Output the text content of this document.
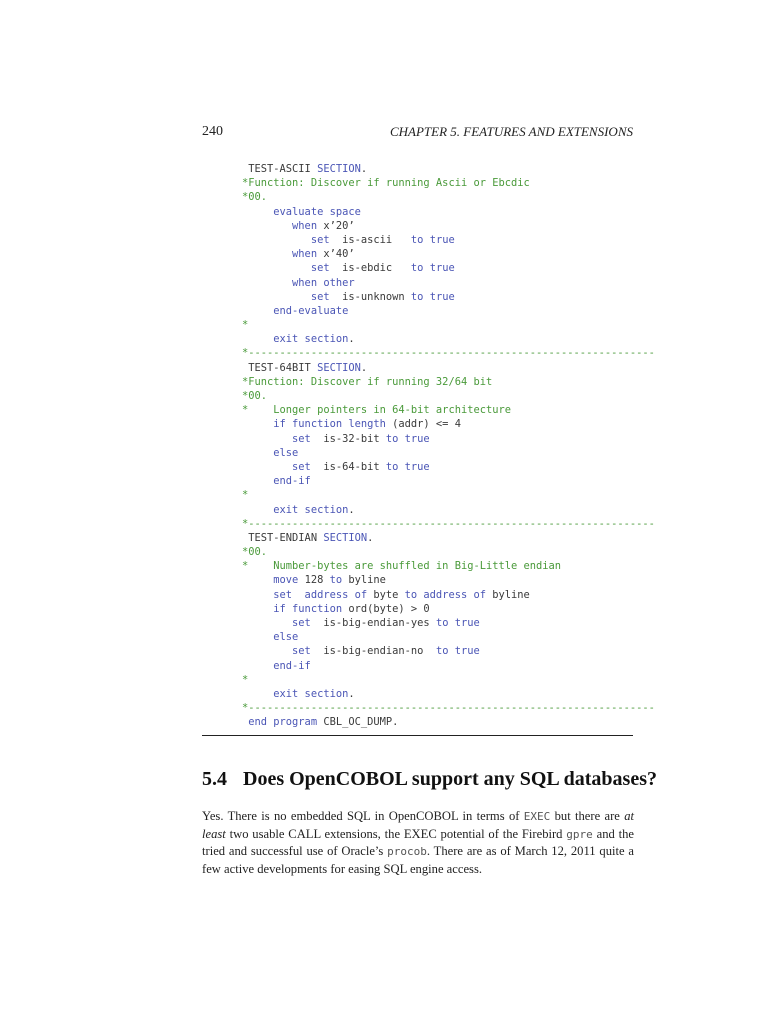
240	CHAPTER 5. FEATURES AND EXTENSIONS
TEST-ASCII SECTION.
*Function: Discover if running Ascii or Ebcdic
*00.
evaluate space
when x’20’
set  is-ascii   to true
when x’40’
set  is-ebdic   to true
when other
set  is-unknown to true
end-evaluate
*
exit section.
*-----------------------------------------------------------------
TEST-64BIT SECTION.
*Function: Discover if running 32/64 bit
*00.
*    Longer pointers in 64-bit architecture
if function length (addr) <= 4
set  is-32-bit to true
else
set  is-64-bit to true
end-if
*
exit section.
*-----------------------------------------------------------------
TEST-ENDIAN SECTION.
*00.
*    Number-bytes are shuffled in Big-Little endian
move 128 to byline
set  address of byte to address of byline
if function ord(byte) > 0
set  is-big-endian-yes to true
else
set  is-big-endian-no  to true
end-if
*
exit section.
*-----------------------------------------------------------------
end program CBL_OC_DUMP.
5.4 Does OpenCOBOL support any SQL databases?
Yes. There is no embedded SQL in OpenCOBOL in terms of EXEC but there are at least two usable CALL extensions, the EXEC potential of the Firebird gpre and the tried and successful use of Oracle’s procob. There are as of March 12, 2011 quite a few active developments for easing SQL engine access.
